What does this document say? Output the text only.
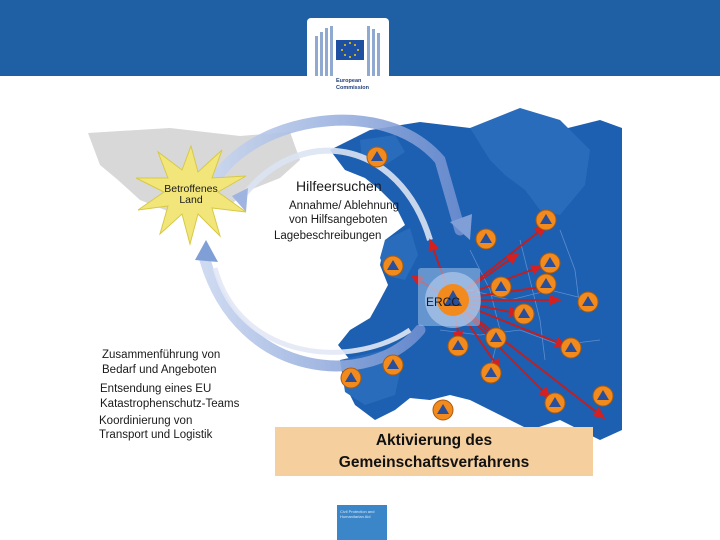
European
Commission
Betroffenes
Land
Hilfeersuchen
Annahme/ Ablehnung
von Hilfsangeboten
Lagebeschreibungen
ERCC
Zusammenführung von
Bedarf und Angeboten
Entsendung eines EU
Katastrophenschutz-Teams
Koordinierung von
Transport und Logistik	Aktivierung des
Gemeinschaftsverfahrens
Civil Protection and
Humanitarian Aid
